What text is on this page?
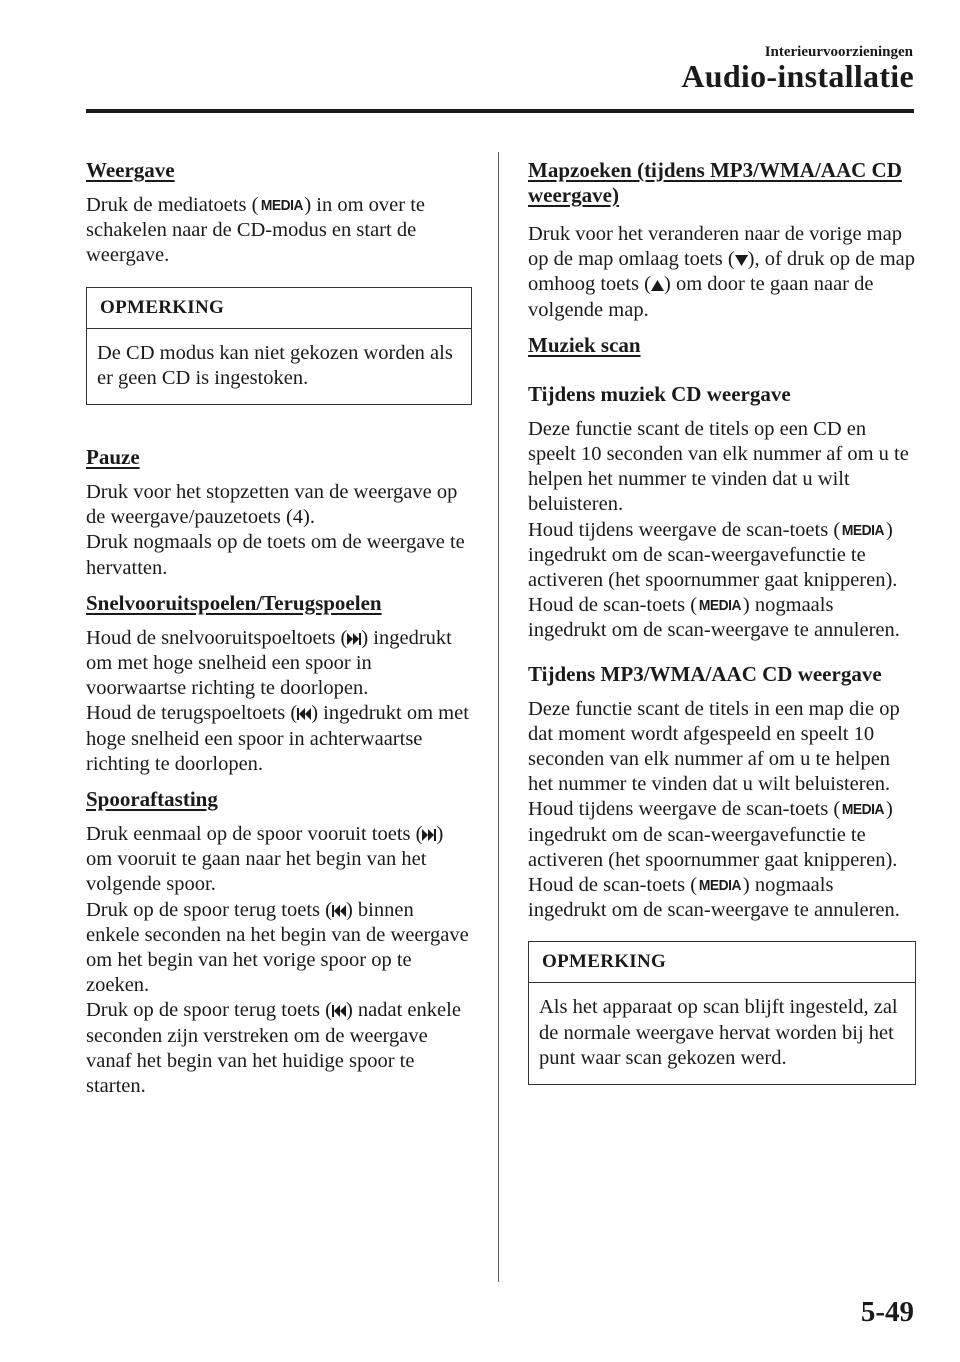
Interieurvoorzieningen
Audio-installatie
Weergave

Druk de mediatoets ( MEDIA) in om over te schakelen naar de CD-modus en start de weergave.

OPMERKING
De CD modus kan niet gekozen worden als er geen CD is ingestoken.
Pauze

Druk voor het stopzetten van de weergave op de weergave/pauzetoets (4).
Druk nogmaals op de toets om de weergave te hervatten.

Snelvooruitspoelen/Terugspoelen

Houd de snelvooruitspoeltoets ( ) ingedrukt om met hoge snelheid een spoor in voorwaartse richting te doorlopen.
Houd de terugspoeltoets ( ) ingedrukt om met hoge snelheid een spoor in achterwaartse richting te doorlopen.

Spooraftasting

Druk eenmaal op de spoor vooruit toets ( ) om vooruit te gaan naar het begin van het volgende spoor.
Druk op de spoor terug toets ( ) binnen enkele seconden na het begin van de weergave om het begin van het vorige spoor op te zoeken.
Druk op de spoor terug toets ( ) nadat enkele seconden zijn verstreken om de weergave vanaf het begin van het huidige spoor te starten.

Mapzoeken (tijdens MP3/WMA/AAC CD weergave)

Druk voor het veranderen naar de vorige map op de map omlaag toets ( ), of druk op de map omhoog toets ( ) om door te gaan naar de volgende map.

Muziek scan
Tijdens muziek CD weergave

Deze functie scant de titels op een CD en speelt 10 seconden van elk nummer af om u te helpen het nummer te vinden dat u wilt beluisteren.
Houd tijdens weergave de scan-toets ( MEDIA) ingedrukt om de scan-weergavefunctie te activeren (het spoornummer gaat knipperen). Houd de scan-toets ( MEDIA) nogmaals ingedrukt om de scan-weergave te annuleren.

Tijdens MP3/WMA/AAC CD weergave

Deze functie scant de titels in een map die op dat moment wordt afgespeeld en speelt 10 seconden van elk nummer af om u te helpen het nummer te vinden dat u wilt beluisteren. Houd tijdens weergave de scan-toets ( MEDIA) ingedrukt om de scan-weergavefunctie te activeren (het spoornummer gaat knipperen).
Houd de scan-toets ( MEDIA) nogmaals ingedrukt om de scan-weergave te annuleren.

OPMERKING
Als het apparaat op scan blijft ingesteld, zal de normale weergave hervat worden bij het punt waar scan gekozen werd.
5-49
